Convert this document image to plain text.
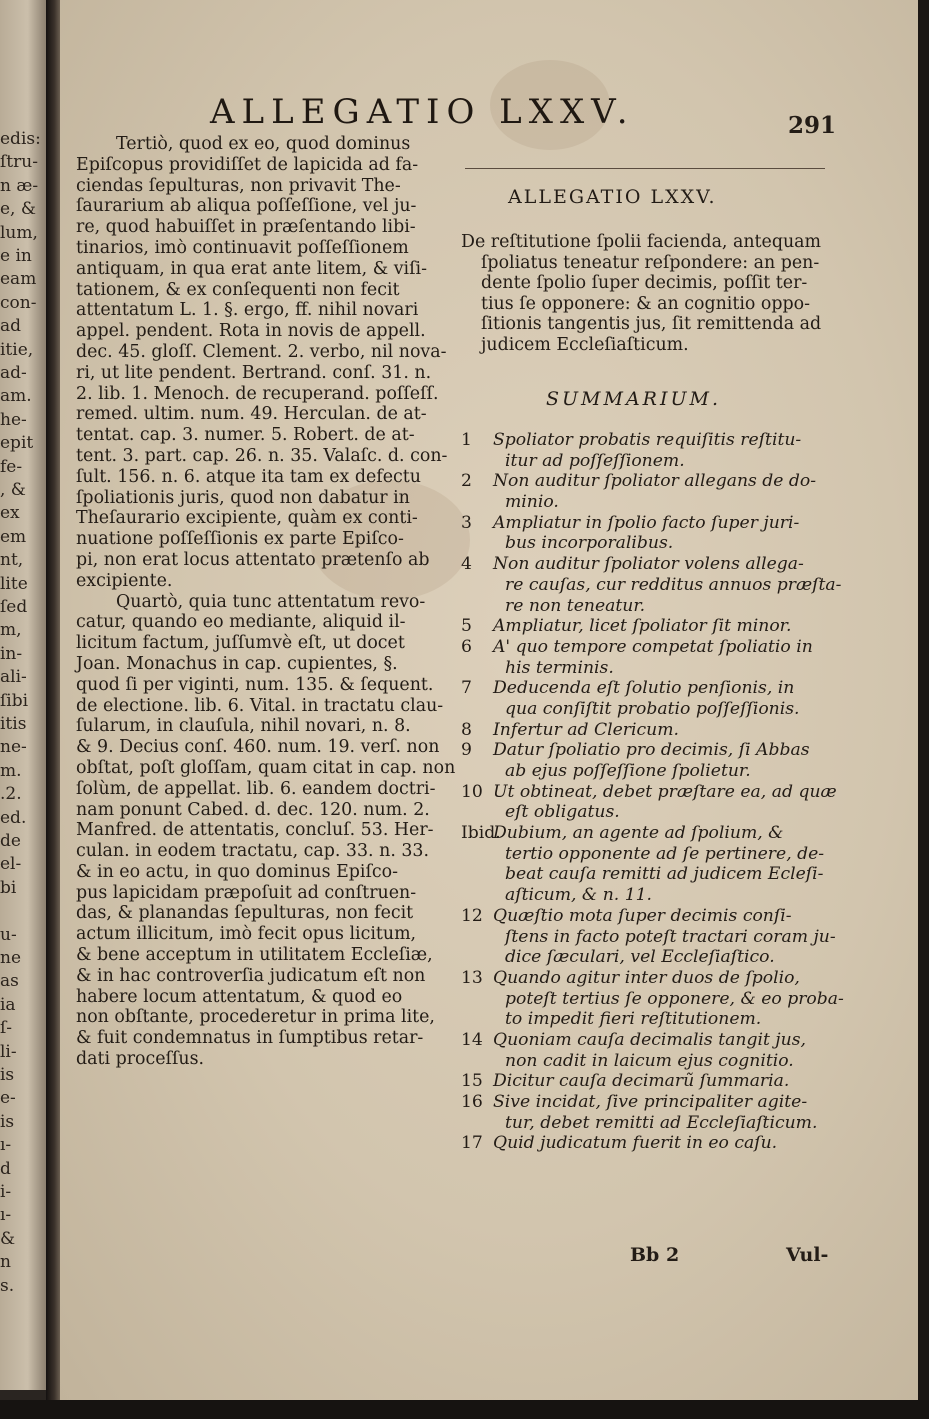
edis:
ſtru-
n æ-
e, &
lum,
e in
eam
con-
ad
itie,
ad-
am.
he-
epit
fe-
, &
ex
em
nt,
lite
ſed
m,
in-
ali-
ſibi
itis
ne-
m.
.2.
ed.
de
el-
bi
u-
ne
as
ia
ſ-
li-
is
e-
is
ı-
d
i-
ı-
&
n
s.
ALLEGATIO LXXV.	291
Tertiò, quod ex eo, quod dominus
Epiſcopus providiſſet de lapicida ad fa-
ciendas ſepulturas, non privavit The-
ſaurarium ab aliqua poſſeſſione, vel ju-
re, quod habuiſſet in præſentando libi-
tinarios, imò continuavit poſſeſſionem
antiquam, in qua erat ante litem, & viſi-
tationem, & ex conſequenti non fecit
attentatum L. 1. §. ergo, ff. nihil novari
appel. pendent. Rota in novis de appell.
dec. 45. gloſſ. Clement. 2. verbo, nil nova-
ri, ut lite pendent. Bertrand. conſ. 31. n.
2. lib. 1. Menoch. de recuperand. poſſeſſ.
remed. ultim. num. 49. Herculan. de at-
tentat. cap. 3. numer. 5. Robert. de at-
tent. 3. part. cap. 26. n. 35. Valaſc. d. con-
ſult. 156. n. 6. atque ita tam ex defectu
ſpoliationis juris, quod non dabatur in
Theſaurario excipiente, quàm ex conti-
nuatione poſſeſſionis ex parte Epiſco-
pi, non erat locus attentato prætenſo ab
excipiente.
Quartò, quia tunc attentatum revo-
catur, quando eo mediante, aliquid il-
licitum factum, juſſumvè eſt, ut docet
Joan. Monachus in cap. cupientes, §.
quod ſi per viginti, num. 135. & ſequent.
de electione. lib. 6. Vital. in tractatu clau-
ſularum, in clauſula, nihil novari, n. 8.
& 9. Decius conſ. 460. num. 19. verſ. non
obſtat, poſt gloſſam, quam citat in cap. non
ſolùm, de appellat. lib. 6. eandem doctri-
nam ponunt Cabed. d. dec. 120. num. 2.
Manfred. de attentatis, concluſ. 53. Her-
culan. in eodem tractatu, cap. 33. n. 33.
& in eo actu, in quo dominus Epiſco-
pus lapicidam præpoſuit ad conſtruen-
das, & planandas ſepulturas, non fecit
actum illicitum, imò fecit opus licitum,
& bene acceptum in utilitatem Eccleſiæ,
& in hac controverſia judicatum eſt non
habere locum attentatum, & quod eo
non obſtante, procederetur in prima lite,
& fuit condemnatus in ſumptibus retar-
dati proceſſus.
ALLEGATIO LXXV.
De reſtitutione ſpolii facienda, antequam
ſpoliatus teneatur reſpondere: an pen-
dente ſpolio ſuper decimis, poſſit ter-
tius ſe opponere: & an cognitio oppo-
ſitionis tangentis jus, ſit remittenda ad
judicem Eccleſiaſticum.
SUMMARIUM.
1	Spoliator probatis requiſitis reſtitu-
itur ad poſſeſſionem.
2	Non auditur ſpoliator allegans de do-
minio.
3	Ampliatur in ſpolio facto ſuper juri-
bus incorporalibus.
4	Non auditur ſpoliator volens allega-
re cauſas, cur redditus annuos præſta-
re non teneatur.
5	Ampliatur, licet ſpoliator ſit minor.
6	A' quo tempore competat ſpoliatio in
his terminis.
7	Deducenda eſt ſolutio penſionis, in
qua conſiſtit probatio poſſeſſionis.
8	Infertur ad Clericum.
9	Datur ſpoliatio pro decimis, ſi Abbas
ab ejus poſſeſſione ſpolietur.
10 Ut obtineat, debet præſtare ea, ad quæ
eſt obligatus.
Ibid.
Dubium, an agente ad ſpolium, &
tertio opponente ad ſe pertinere, de-
beat cauſa remitti ad judicem Ecleſi-
aſticum, & n. 11.
12 Quæſtio mota ſuper decimis conſi-
ſtens in facto poteſt tractari coram ju-
dice ſæculari, vel Eccleſiaſtico.
13 Quando agitur inter duos de ſpolio,
poteſt tertius ſe opponere, & eo proba-
to impedit fieri reſtitutionem.
14 Quoniam cauſa decimalis tangit jus,
non cadit in laicum ejus cognitio.
15 Dicitur cauſa decimarũ ſummaria.
16 Sive incidat, ſive principaliter agite-
tur, debet remitti ad Eccleſiaſticum.
17 Quid judicatum fuerit in eo caſu.
Bb 2	Vul-
